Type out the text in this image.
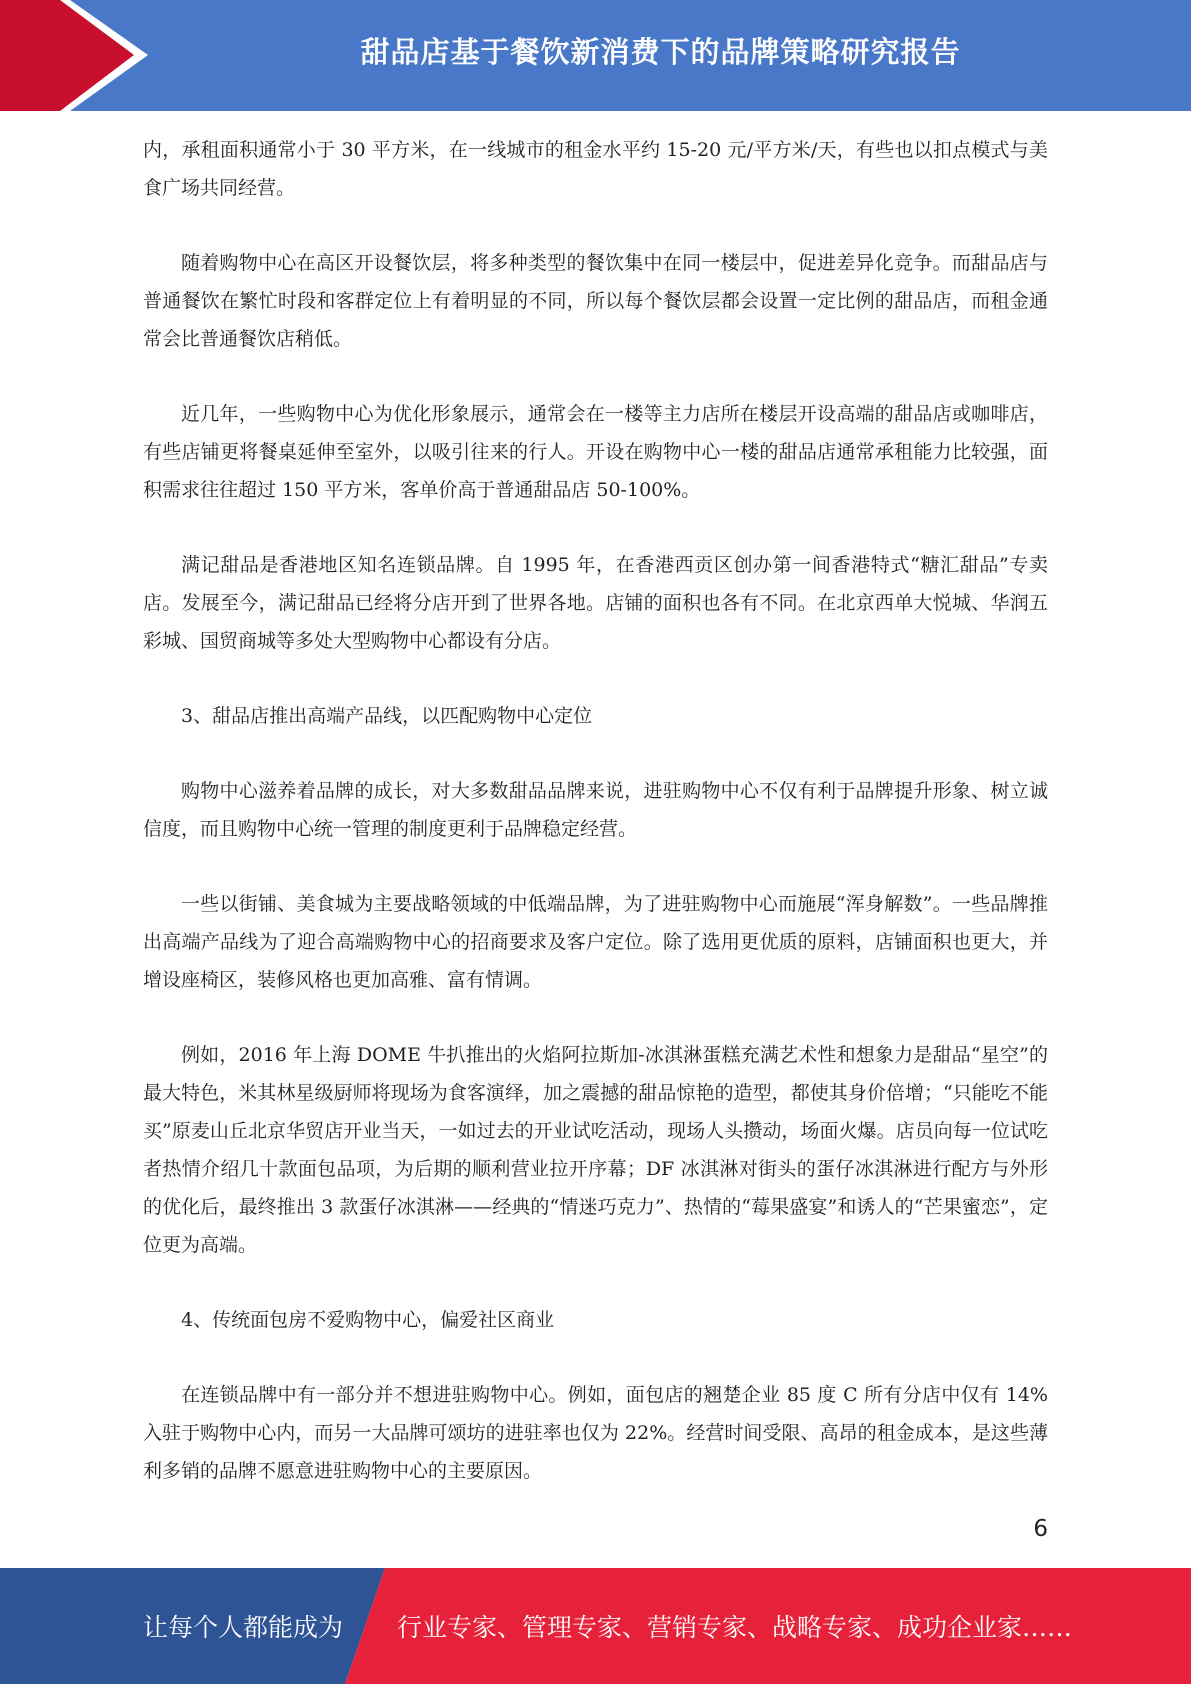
甜品店基于餐饮新消费下的品牌策略研究报告

内，承租面积通常小于 30 平方米，在一线城市的租金水平约 15-20 元/平方米/天，有些也以扣点模式与美食广场共同经营。

随着购物中心在高区开设餐饮层，将多种类型的餐饮集中在同一楼层中，促进差异化竞争。而甜品店与普通餐饮在繁忙时段和客群定位上有着明显的不同，所以每个餐饮层都会设置一定比例的甜品店，而租金通常会比普通餐饮店稍低。

近几年，一些购物中心为优化形象展示，通常会在一楼等主力店所在楼层开设高端的甜品店或咖啡店，有些店铺更将餐桌延伸至室外，以吸引往来的行人。开设在购物中心一楼的甜品店通常承租能力比较强，面积需求往往超过 150 平方米，客单价高于普通甜品店 50-100%。

满记甜品是香港地区知名连锁品牌。自 1995 年，在香港西贡区创办第一间香港特式“糖汇甜品”专卖店。发展至今，满记甜品已经将分店开到了世界各地。店铺的面积也各有不同。在北京西单大悦城、华润五彩城、国贸商城等多处大型购物中心都设有分店。

3、甜品店推出高端产品线，以匹配购物中心定位

购物中心滋养着品牌的成长，对大多数甜品品牌来说，进驻购物中心不仅有利于品牌提升形象、树立诚信度，而且购物中心统一管理的制度更利于品牌稳定经营。

一些以街铺、美食城为主要战略领域的中低端品牌，为了进驻购物中心而施展“浑身解数”。一些品牌推出高端产品线为了迎合高端购物中心的招商要求及客户定位。除了选用更优质的原料，店铺面积也更大，并增设座椅区，装修风格也更加高雅、富有情调。

例如，2016 年上海 DOME 牛扒推出的火焰阿拉斯加-冰淇淋蛋糕充满艺术性和想象力是甜品“星空”的最大特色，米其林星级厨师将现场为食客演绎，加之震撼的甜品惊艳的造型，都使其身价倍增；“只能吃不能买”原麦山丘北京华贸店开业当天，一如过去的开业试吃活动，现场人头攒动，场面火爆。店员向每一位试吃者热情介绍几十款面包品项，为后期的顺利营业拉开序幕；DF 冰淇淋对街头的蛋仔冰淇淋进行配方与外形的优化后，最终推出 3 款蛋仔冰淇淋——经典的“情迷巧克力”、热情的“莓果盛宴”和诱人的“芒果蜜恋”，定位更为高端。

4、传统面包房不爱购物中心，偏爱社区商业

在连锁品牌中有一部分并不想进驻购物中心。例如，面包店的翘楚企业 85 度 C 所有分店中仅有 14%入驻于购物中心内，而另一大品牌可颂坊的进驻率也仅为 22%。经营时间受限、高昂的租金成本，是这些薄利多销的品牌不愿意进驻购物中心的主要原因。

6
让每个人都能成为 行业专家、管理专家、营销专家、战略专家、成功企业家……
